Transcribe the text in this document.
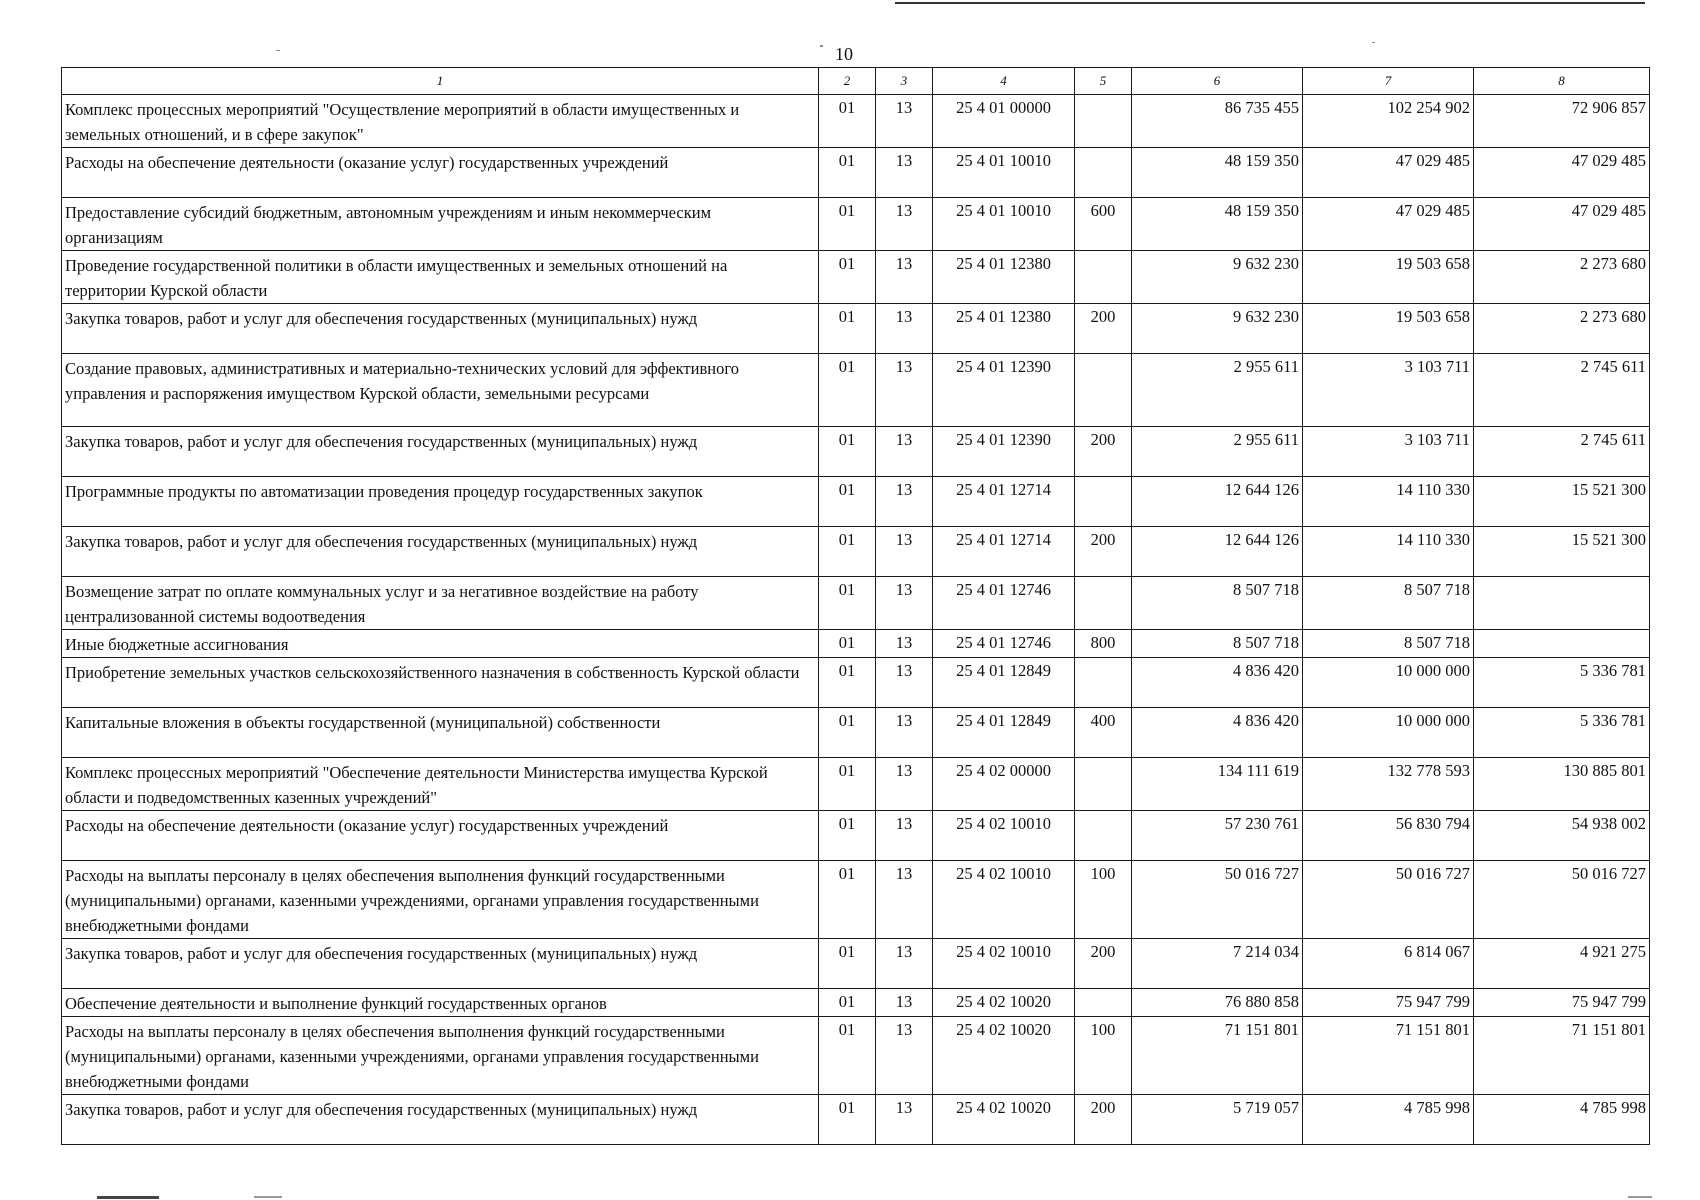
10
1	2	3	4	5	6	7	8
Комплекс процессных мероприятий "Осуществление мероприятий в области имущественных и земельных отношений, и в сфере закупок"	01	13	25 4 01 00000		86 735 455	102 254 902	72 906 857
Расходы на обеспечение деятельности (оказание услуг) государственных учреждений	01	13	25 4 01 10010		48 159 350	47 029 485	47 029 485
Предоставление субсидий бюджетным, автономным учреждениям и иным некоммерческим организациям	01	13	25 4 01 10010	600	48 159 350	47 029 485	47 029 485
Проведение государственной политики в области имущественных и земельных отношений на территории Курской области	01	13	25 4 01 12380		9 632 230	19 503 658	2 273 680
Закупка товаров, работ и услуг для обеспечения государственных (муниципальных) нужд	01	13	25 4 01 12380	200	9 632 230	19 503 658	2 273 680
Создание правовых, административных и материально-технических условий для эффективного управления и распоряжения имуществом Курской области, земельными ресурсами	01	13	25 4 01 12390		2 955 611	3 103 711	2 745 611
Закупка товаров, работ и услуг для обеспечения государственных (муниципальных) нужд	01	13	25 4 01 12390	200	2 955 611	3 103 711	2 745 611
Программные продукты по автоматизации проведения процедур государственных закупок	01	13	25 4 01 12714		12 644 126	14 110 330	15 521 300
Закупка товаров, работ и услуг для обеспечения государственных (муниципальных) нужд	01	13	25 4 01 12714	200	12 644 126	14 110 330	15 521 300
Возмещение затрат по оплате коммунальных услуг и за негативное воздействие на работу централизованной системы водоотведения	01	13	25 4 01 12746		8 507 718	8 507 718	
Иные бюджетные ассигнования	01	13	25 4 01 12746	800	8 507 718	8 507 718	
Приобретение земельных участков сельскохозяйственного назначения в собственность Курской области	01	13	25 4 01 12849		4 836 420	10 000 000	5 336 781
Капитальные вложения в объекты государственной (муниципальной) собственности	01	13	25 4 01 12849	400	4 836 420	10 000 000	5 336 781
Комплекс процессных мероприятий "Обеспечение деятельности Министерства имущества Курской области и подведомственных казенных учреждений"	01	13	25 4 02 00000		134 111 619	132 778 593	130 885 801
Расходы на обеспечение деятельности (оказание услуг) государственных учреждений	01	13	25 4 02 10010		57 230 761	56 830 794	54 938 002
Расходы на выплаты персоналу в целях обеспечения выполнения функций государственными (муниципальными) органами, казенными учреждениями, органами управления государственными внебюджетными фондами	01	13	25 4 02 10010	100	50 016 727	50 016 727	50 016 727
Закупка товаров, работ и услуг для обеспечения государственных (муниципальных) нужд	01	13	25 4 02 10010	200	7 214 034	6 814 067	4 921 275
Обеспечение деятельности и выполнение функций государственных органов	01	13	25 4 02 10020		76 880 858	75 947 799	75 947 799
Расходы на выплаты персоналу в целях обеспечения выполнения функций государственными (муниципальными) органами, казенными учреждениями, органами управления государственными внебюджетными фондами	01	13	25 4 02 10020	100	71 151 801	71 151 801	71 151 801
Закупка товаров, работ и услуг для обеспечения государственных (муниципальных) нужд	01	13	25 4 02 10020	200	5 719 057	4 785 998	4 785 998
